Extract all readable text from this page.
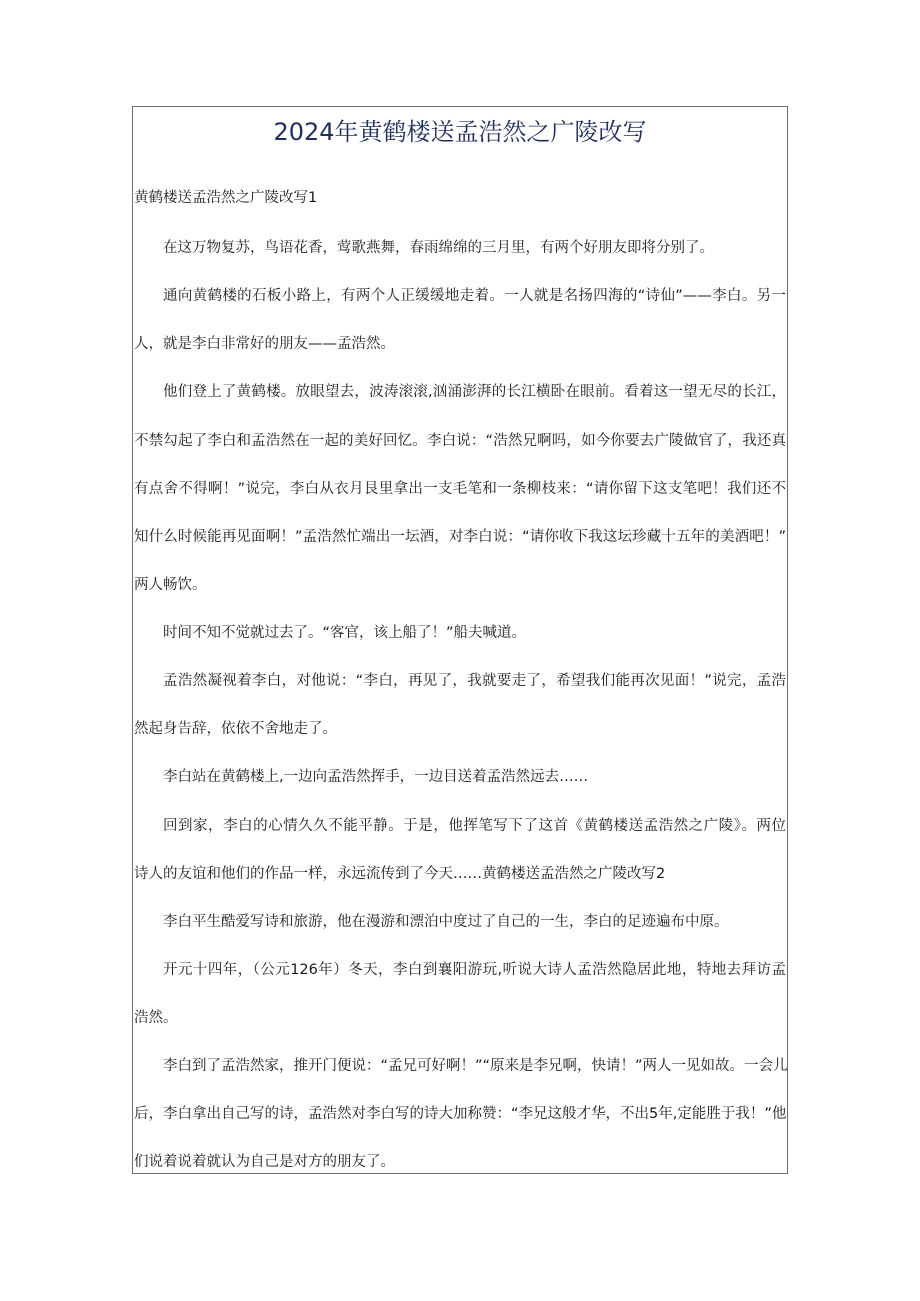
2024年黄鹤楼送孟浩然之广陵改写
黄鹤楼送孟浩然之广陵改写1
在这万物复苏，鸟语花香，莺歌燕舞，春雨绵绵的三月里，有两个好朋友即将分别了。
通向黄鹤楼的石板小路上，有两个人正缓缓地走着。一人就是名扬四海的“诗仙”——李白。另一
人，就是李白非常好的朋友——孟浩然。
他们登上了黄鹤楼。放眼望去，波涛滚滚,汹涌澎湃的长江横卧在眼前。看着这一望无尽的长江，
不禁勾起了李白和孟浩然在一起的美好回忆。李白说：“浩然兄啊吗，如今你要去广陵做官了，我还真
有点舍不得啊！”说完，李白从衣月艮里拿出一支毛笔和一条柳枝来：“请你留下这支笔吧！我们还不
知什么时候能再见面啊！”孟浩然忙端出一坛酒，对李白说：“请你收下我这坛珍藏十五年的美酒吧！”
两人畅饮。
时间不知不觉就过去了。“客官，该上船了！”船夫喊道。
孟浩然凝视着李白，对他说：“李白，再见了，我就要走了，希望我们能再次见面！”说完，孟浩
然起身告辞，依依不舍地走了。
李白站在黄鹤楼上,一边向孟浩然挥手，一边目送着孟浩然远去……
回到家，李白的心情久久不能平静。于是，他挥笔写下了这首《黄鹤楼送孟浩然之广陵》。两位
诗人的友谊和他们的作品一样，永远流传到了今天……黄鹤楼送孟浩然之广陵改写2
李白平生酷爱写诗和旅游，他在漫游和漂泊中度过了自己的一生，李白的足迹遍布中原。
开元十四年，（公元126年）冬天，李白到襄阳游玩,听说大诗人孟浩然隐居此地，特地去拜访孟
浩然。
李白到了孟浩然家，推开门便说：“孟兄可好啊！”“原来是李兄啊，快请！”两人一见如故。一会儿
后，李白拿出自己写的诗，孟浩然对李白写的诗大加称赞：“李兄这般才华，不出5年,定能胜于我！”他
们说着说着就认为自己是对方的朋友了。
